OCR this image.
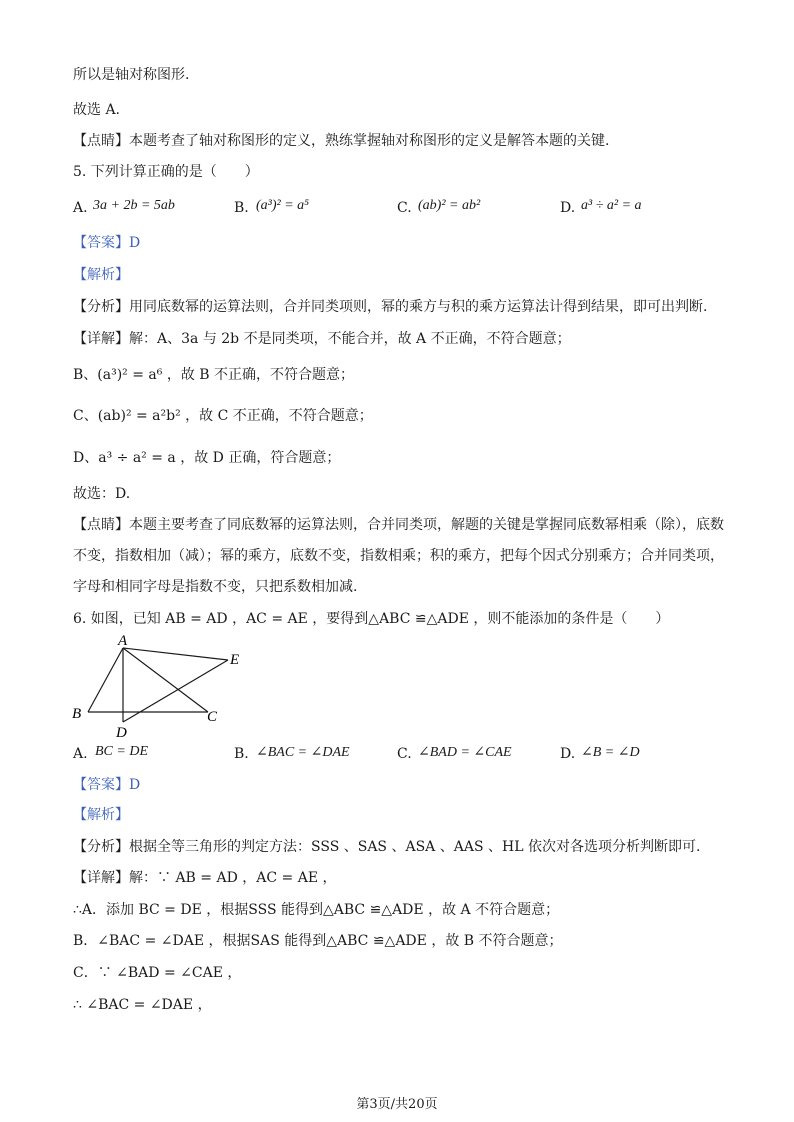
所以是轴对称图形.
故选 A.
【点睛】本题考查了轴对称图形的定义，熟练掌握轴对称图形的定义是解答本题的关键.
5. 下列计算正确的是（　　）
A. 3a + 2b = 5ab	B. (a³)² = a⁵	C. (ab)² = ab²	D. a³ ÷ a² = a
【答案】D
【解析】
【分析】用同底数幂的运算法则，合并同类项则，幂的乘方与积的乘方运算法计得到结果，即可出判断.
【详解】解：A、3a 与 2b 不是同类项，不能合并，故 A 不正确，不符合题意；
B、(a³)² = a⁶ ，故 B 不正确，不符合题意；
C、(ab)² = a²b² ，故 C 不正确，不符合题意；
D、a³ ÷ a² = a ，故 D 正确，符合题意；
故选：D.
【点睛】本题主要考查了同底数幂的运算法则，合并同类项，解题的关键是掌握同底数幂相乘（除），底数
不变，指数相加（减）；幂的乘方，底数不变，指数相乘；积的乘方，把每个因式分别乘方；合并同类项，
字母和相同字母是指数不变，只把系数相加减.
6. 如图，已知 AB = AD ，AC = AE ，要得到△ABC ≌△ADE ，则不能添加的条件是（　　）
A
B	C
D
E
A. BC = DE	B. ∠BAC = ∠DAE	C. ∠BAD = ∠CAE	D. ∠B = ∠D
【答案】D
【解析】
【分析】根据全等三角形的判定方法：SSS 、SAS 、ASA 、AAS 、HL 依次对各选项分析判断即可.
【详解】解：∵ AB = AD ，AC = AE ，
∴A．添加 BC = DE ，根据SSS 能得到△ABC ≌△ADE ，故 A 不符合题意；
B．∠BAC = ∠DAE ，根据SAS 能得到△ABC ≌△ADE ，故 B 不符合题意；
C．∵ ∠BAD = ∠CAE ，
∴ ∠BAC = ∠DAE ，
第3页/共20页
